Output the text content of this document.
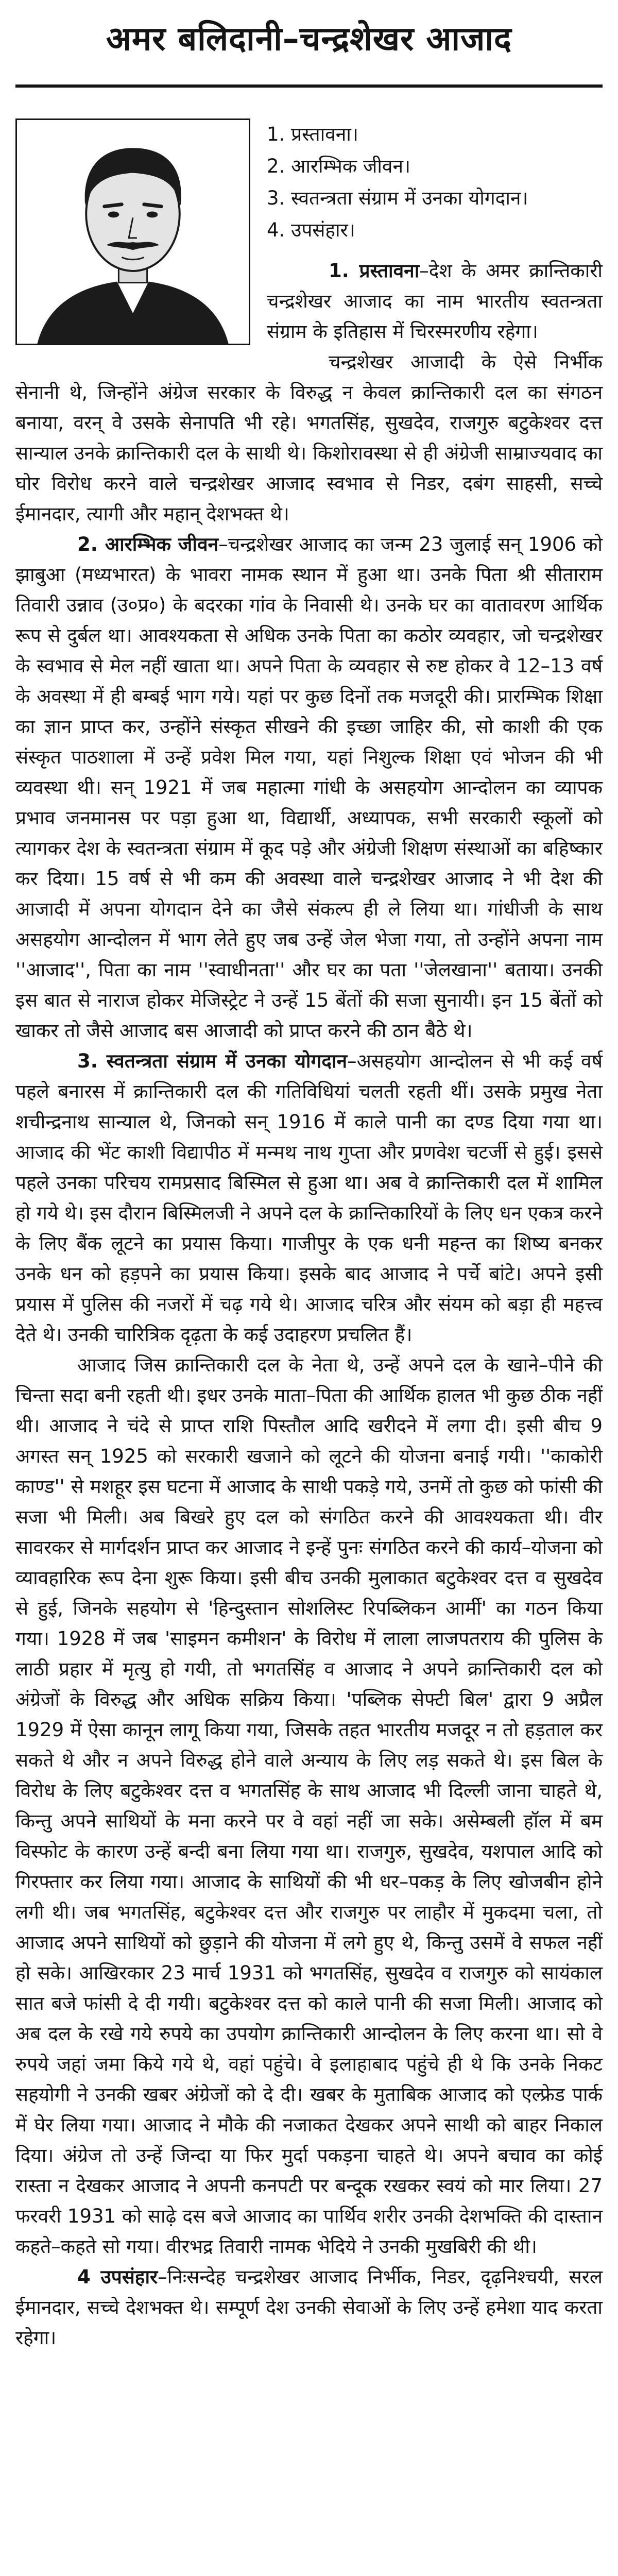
अमर बलिदानी–चन्द्रशेखर आजाद
1. प्रस्तावना।
2. आरम्भिक जीवन।
3. स्वतन्त्रता संग्राम में उनका योगदान।
4. उपसंहार।

1. प्रस्तावना–देश के अमर क्रान्तिकारी चन्द्रशेखर आजाद का नाम भारतीय स्वतन्त्रता संग्राम के इतिहास में चिरस्मरणीय रहेगा।

चन्द्रशेखर आजादी के ऐसे निर्भीक सेनानी थे, जिन्होंने अंग्रेज सरकार के विरुद्ध न केवल क्रान्तिकारी दल का संगठन बनाया, वरन् वे उसके सेनापति भी रहे। भगतसिंह, सुखदेव, राजगुरु बटुकेश्वर दत्त सान्याल उनके क्रान्तिकारी दल के साथी थे। किशोरावस्था से ही अंग्रेजी साम्राज्यवाद का घोर विरोध करने वाले चन्द्रशेखर आजाद स्वभाव से निडर, दबंग साहसी, सच्चे ईमानदार, त्यागी और महान् देशभक्त थे।

2. आरम्भिक जीवन–चन्द्रशेखर आजाद का जन्म 23 जुलाई सन् 1906 को झाबुआ (मध्यभारत) के भावरा नामक स्थान में हुआ था। उनके पिता श्री सीताराम तिवारी उन्नाव (उ०प्र०) के बदरका गांव के निवासी थे। उनके घर का वातावरण आर्थिक रूप से दुर्बल था। आवश्यकता से अधिक उनके पिता का कठोर व्यवहार, जो चन्द्रशेखर के स्वभाव से मेल नहीं खाता था। अपने पिता के व्यवहार से रुष्ट होकर वे 12–13 वर्ष के अवस्था में ही बम्बई भाग गये। यहां पर कुछ दिनों तक मजदूरी की। प्रारम्भिक शिक्षा का ज्ञान प्राप्त कर, उन्होंने संस्कृत सीखने की इच्छा जाहिर की, सो काशी की एक संस्कृत पाठशाला में उन्हें प्रवेश मिल गया, यहां निशुल्क शिक्षा एवं भोजन की भी व्यवस्था थी। सन् 1921 में जब महात्मा गांधी के असहयोग आन्दोलन का व्यापक प्रभाव जनमानस पर पड़ा हुआ था, विद्यार्थी, अध्यापक, सभी सरकारी स्कूलों को त्यागकर देश के स्वतन्त्रता संग्राम में कूद पड़े और अंग्रेजी शिक्षण संस्थाओं का बहिष्कार कर दिया। 15 वर्ष से भी कम की अवस्था वाले चन्द्रशेखर आजाद ने भी देश की आजादी में अपना योगदान देने का जैसे संकल्प ही ले लिया था। गांधीजी के साथ असहयोग आन्दोलन में भाग लेते हुए जब उन्हें जेल भेजा गया, तो उन्होंने अपना नाम ''आजाद'', पिता का नाम ''स्वाधीनता'' और घर का पता ''जेलखाना'' बताया। उनकी इस बात से नाराज होकर मेजिस्ट्रेट ने उन्हें 15 बेंतों की सजा सुनायी। इन 15 बेंतों को खाकर तो जैसे आजाद बस आजादी को प्राप्त करने की ठान बैठे थे।

3. स्वतन्त्रता संग्राम में उनका योगदान–असहयोग आन्दोलन से भी कई वर्ष पहले बनारस में क्रान्तिकारी दल की गतिविधियां चलती रहती थीं। उसके प्रमुख नेता शचीन्द्रनाथ सान्याल थे, जिनको सन् 1916 में काले पानी का दण्ड दिया गया था। आजाद की भेंट काशी विद्यापीठ में मन्मथ नाथ गुप्ता और प्रणवेश चटर्जी से हुई। इससे पहले उनका परिचय रामप्रसाद बिस्मिल से हुआ था। अब वे क्रान्तिकारी दल में शामिल हो गये थे। इस दौरान बिस्मिलजी ने अपने दल के क्रान्तिकारियों के लिए धन एकत्र करने के लिए बैंक लूटने का प्रयास किया। गाजीपुर के एक धनी महन्त का शिष्य बनकर उनके धन को हड़पने का प्रयास किया। इसके बाद आजाद ने पर्चे बांटे। अपने इसी प्रयास में पुलिस की नजरों में चढ़ गये थे। आजाद चरित्र और संयम को बड़ा ही महत्त्व देते थे। उनकी चारित्रिक दृढ़ता के कई उदाहरण प्रचलित हैं।

आजाद जिस क्रान्तिकारी दल के नेता थे, उन्हें अपने दल के खाने–पीने की चिन्ता सदा बनी रहती थी। इधर उनके माता–पिता की आर्थिक हालत भी कुछ ठीक नहीं थी। आजाद ने चंदे से प्राप्त राशि पिस्तौल आदि खरीदने में लगा दी। इसी बीच 9 अगस्त सन् 1925 को सरकारी खजाने को लूटने की योजना बनाई गयी। ''काकोरी काण्ड'' से मशहूर इस घटना में आजाद के साथी पकड़े गये, उनमें तो कुछ को फांसी की सजा भी मिली। अब बिखरे हुए दल को संगठित करने की आवश्यकता थी। वीर सावरकर से मार्गदर्शन प्राप्त कर आजाद ने इन्हें पुनः संगठित करने की कार्य–योजना को व्यावहारिक रूप देना शुरू किया। इसी बीच उनकी मुलाकात बटुकेश्वर दत्त व सुखदेव से हुई, जिनके सहयोग से 'हिन्दुस्तान सोशलिस्ट रिपब्लिकन आर्मी' का गठन किया गया। 1928 में जब 'साइमन कमीशन' के विरोध में लाला लाजपतराय की पुलिस के लाठी प्रहार में मृत्यु हो गयी, तो भगतसिंह व आजाद ने अपने क्रान्तिकारी दल को अंग्रेजों के विरुद्ध और अधिक सक्रिय किया। 'पब्लिक सेफ्टी बिल' द्वारा 9 अप्रैल 1929 में ऐसा कानून लागू किया गया, जिसके तहत भारतीय मजदूर न तो हड़ताल कर सकते थे और न अपने विरुद्ध होने वाले अन्याय के लिए लड़ सकते थे। इस बिल के विरोध के लिए बटुकेश्वर दत्त व भगतसिंह के साथ आजाद भी दिल्ली जाना चाहते थे, किन्तु अपने साथियों के मना करने पर वे वहां नहीं जा सके। असेम्बली हॉल में बम विस्फोट के कारण उन्हें बन्दी बना लिया गया था। राजगुरु, सुखदेव, यशपाल आदि को गिरफ्तार कर लिया गया। आजाद के साथियों की भी धर–पकड़ के लिए खोजबीन होने लगी थी। जब भगतसिंह, बटुकेश्वर दत्त और राजगुरु पर लाहौर में मुकदमा चला, तो आजाद अपने साथियों को छुड़ाने की योजना में लगे हुए थे, किन्तु उसमें वे सफल नहीं हो सके। आखिरकार 23 मार्च 1931 को भगतसिंह, सुखदेव व राजगुरु को सायंकाल सात बजे फांसी दे दी गयी। बटुकेश्वर दत्त को काले पानी की सजा मिली। आजाद को अब दल के रखे गये रुपये का उपयोग क्रान्तिकारी आन्दोलन के लिए करना था। सो वे रुपये जहां जमा किये गये थे, वहां पहुंचे। वे इलाहाबाद पहुंचे ही थे कि उनके निकट सहयोगी ने उनकी खबर अंग्रेजों को दे दी। खबर के मुताबिक आजाद को एल्फ्रेड पार्क में घेर लिया गया। आजाद ने मौके की नजाकत देखकर अपने साथी को बाहर निकाल दिया। अंग्रेज तो उन्हें जिन्दा या फिर मुर्दा पकड़ना चाहते थे। अपने बचाव का कोई रास्ता न देखकर आजाद ने अपनी कनपटी पर बन्दूक रखकर स्वयं को मार लिया। 27 फरवरी 1931 को साढ़े दस बजे आजाद का पार्थिव शरीर उनकी देशभक्ति की दास्तान कहते–कहते सो गया। वीरभद्र तिवारी नामक भेदिये ने उनकी मुखबिरी की थी।

4 उपसंहार–निःसन्देह चन्द्रशेखर आजाद निर्भीक, निडर, दृढ़निश्चयी, सरल ईमानदार, सच्चे देशभक्त थे। सम्पूर्ण देश उनकी सेवाओं के लिए उन्हें हमेशा याद करता रहेगा।
